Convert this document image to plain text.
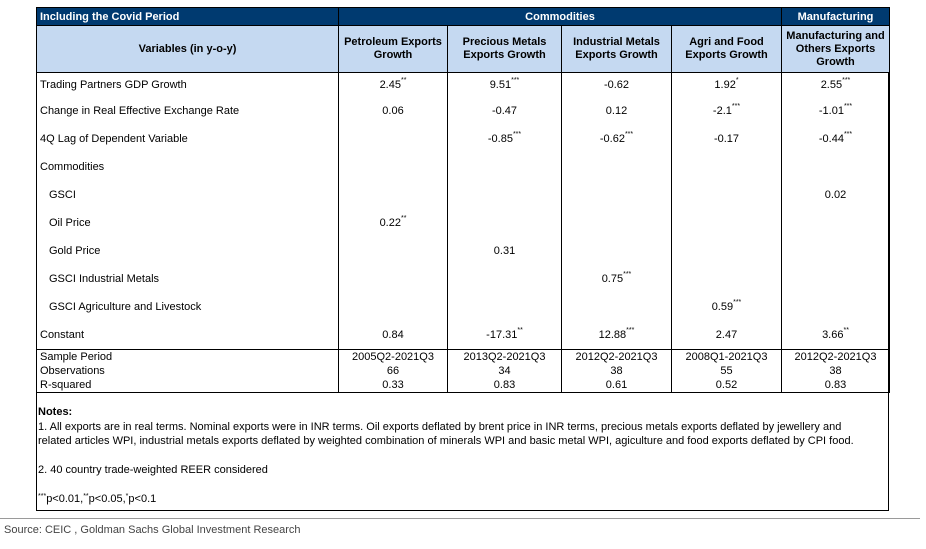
Including the Covid Period	Commodities				Manufacturing
Variables (in y-o-y)	Petroleum Exports Growth	Precious Metals Exports Growth	Industrial Metals Exports Growth	Agri and Food Exports Growth	Manufacturing and Others Exports Growth
Trading Partners GDP Growth	2.45**	9.51***	-0.62	1.92*	2.55***
Change in Real Effective Exchange Rate	0.06	-0.47	0.12	-2.1***	-1.01***
4Q Lag of Dependent Variable		-0.85***	-0.62***	-0.17	-0.44***
Commodities					
GSCI					0.02
Oil Price	0.22**				
Gold Price		0.31			
GSCI Industrial Metals			0.75***		
GSCI Agriculture and Livestock				0.59***	
Constant	0.84	-17.31**	12.88***	2.47	3.66**
Sample Period	2005Q2-2021Q3	2013Q2-2021Q3	2012Q2-2021Q3	2008Q1-2021Q3	2012Q2-2021Q3
Observations	66	34	38	55	38
R-squared	0.33	0.83	0.61	0.52	0.83
Notes:
1. All exports are in real terms. Nominal exports were in INR terms. Oil exports deflated by brent price in INR terms, precious metals exports deflated by jewellery and
related articles WPI, industrial metals exports deflated by weighted combination of minerals WPI and basic metal WPI, agiculture and food exports deflated by CPI food.
2. 40 country trade-weighted REER considered
***p<0.01,**p<0.05,*p<0.1
Source: CEIC , Goldman Sachs Global Investment Research
